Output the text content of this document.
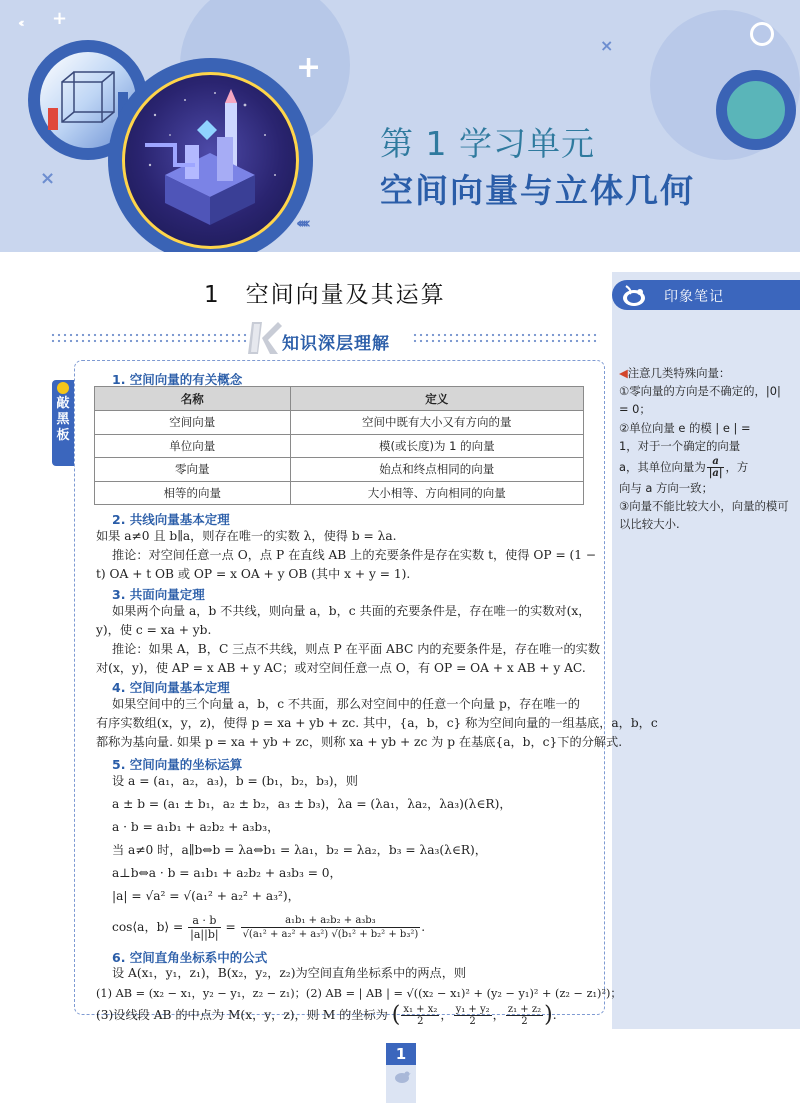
+
+
×
×
‹‹‹‹‹
‹‹‹
第 1 学习单元
空间向量与立体几何
印象笔记
◀注意几类特殊向量：
①零向量的方向是不确定的，|0| = 0；
②单位向量 e 的模 | e | =
1，对于一个确定的向量
a，其单位向量为 $\frac{a}{|a|}$ ，方
向与 a 方向一致；
③向量不能比较大小，向量的模可以比较大小.
1　空间向量及其运算
知识深层理解
敲黑板
1. 空间向量的有关概念
名称	定义
空间向量	空间中既有大小又有方向的量
单位向量	模(或长度)为 1 的向量
零向量	始点和终点相同的向量
相等的向量	大小相等、方向相同的向量
2. 共线向量基本定理
如果 a≠0 且 b∥a，则存在唯一的实数 λ，使得 b = λa.
推论：对空间任意一点 O，点 P 在直线 AB 上的充要条件是存在实数 t，使得 OP = (1 −
t) OA + t OB 或 OP = x OA + y OB (其中 x + y = 1).
3. 共面向量定理
如果两个向量 a，b 不共线，则向量 a，b，c 共面的充要条件是，存在唯一的实数对(x，
y)，使 c = xa + yb.
推论：如果 A，B，C 三点不共线，则点 P 在平面 ABC 内的充要条件是，存在唯一的实数
对(x，y)，使 AP = x AB + y AC；或对空间任意一点 O，有 OP = OA + x AB + y AC.
4. 空间向量基本定理
如果空间中的三个向量 a，b，c 不共面，那么对空间中的任意一个向量 p，存在唯一的
有序实数组(x，y，z)，使得 p = xa + yb + zc. 其中，{a，b，c} 称为空间向量的一组基底，a，b，c
都称为基向量. 如果 p = xa + yb + zc，则称 xa + yb + zc 为 p 在基底{a，b，c}下的分解式.
5. 空间向量的坐标运算
设 a = (a₁，a₂，a₃)，b = (b₁，b₂，b₃)，则
a ± b = (a₁ ± b₁，a₂ ± b₂，a₃ ± b₃)，λa = (λa₁，λa₂，λa₃)(λ∈R)，
a · b = a₁b₁ + a₂b₂ + a₃b₃，
当 a≠0 时，a∥b⇔b = λa⇔b₁ = λa₁，b₂ = λa₂，b₃ = λa₃(λ∈R)，
a⊥b⇔a · b = a₁b₁ + a₂b₂ + a₃b₃ = 0，
|a| = √a² = √(a₁² + a₂² + a₃²)，
cos⟨a，b⟩ = $\frac{a \cdot b}{|a||b|} = \frac{\text{a₁b₁ + a₂b₂ + a₃b₃}}{\text{√(a₁² + a₂² + a₃²) √(b₁² + b₂² + b₃²)}}$ .
6. 空间直角坐标系中的公式
设 A(x₁，y₁，z₁)，B(x₂，y₂，z₂)为空间直角坐标系中的两点，则
(1) AB = (x₂ − x₁，y₂ − y₁，z₂ − z₁)；(2) AB = | AB | = √((x₂ − x₁)² + (y₂ − y₁)² + (z₂ − z₁)²)；
(3)设线段 AB 的中点为 M(x，y，z)，则 M 的坐标为 ( $\frac{\text{x₁ + x₂}}{2}$ ， $\frac{\text{y₁ + y₂}}{2}$ ， $\frac{\text{z₁ + z₂}}{2}$ ).
1
